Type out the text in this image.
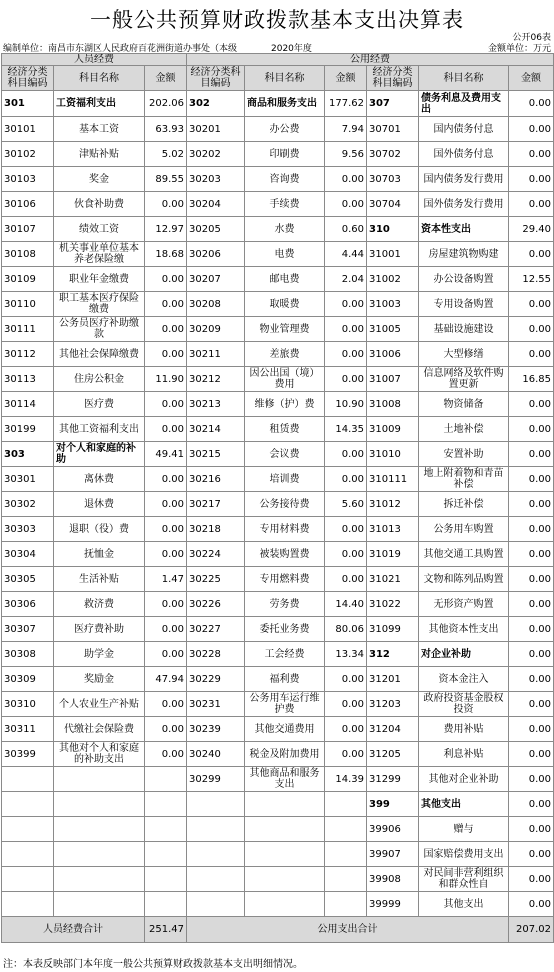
一般公共预算财政拨款基本支出决算表
公开06表
编制单位：南昌市东湖区人民政府百花洲街道办事处（本级	2020年度	金额单位：万元
人员经费			公用经费					
经济分类科目编码	科目名称	金额	经济分类科目编码	科目名称	金额	经济分类科目编码	科目名称	金额
301	工资福利支出	202.06	302	商品和服务支出	177.62	307	债务利息及费用支出	0.00
30101	基本工资	63.93	30201	办公费	7.94	30701	国内债务付息	0.00
30102	津贴补贴	5.02	30202	印刷费	9.56	30702	国外债务付息	0.00
30103	奖金	89.55	30203	咨询费	0.00	30703	国内债务发行费用	0.00
30106	伙食补助费	0.00	30204	手续费	0.00	30704	国外债务发行费用	0.00
30107	绩效工资	12.97	30205	水费	0.60	310	资本性支出	29.40
30108	机关事业单位基本养老保险缴	18.68	30206	电费	4.44	31001	房屋建筑物购建	0.00
30109	职业年金缴费	0.00	30207	邮电费	2.04	31002	办公设备购置	12.55
30110	职工基本医疗保险缴费	0.00	30208	取暖费	0.00	31003	专用设备购置	0.00
30111	公务员医疗补助缴款	0.00	30209	物业管理费	0.00	31005	基础设施建设	0.00
30112	其他社会保障缴费	0.00	30211	差旅费	0.00	31006	大型修缮	0.00
30113	住房公积金	11.90	30212	因公出国（境）费用	0.00	31007	信息网络及软件购置更新	16.85
30114	医疗费	0.00	30213	维修（护）费	10.90	31008	物资储备	0.00
30199	其他工资福利支出	0.00	30214	租赁费	14.35	31009	土地补偿	0.00
303	对个人和家庭的补助	49.41	30215	会议费	0.00	31010	安置补助	0.00
30301	离休费	0.00	30216	培训费	0.00	310111	地上附着物和青苗补偿	0.00
30302	退休费	0.00	30217	公务接待费	5.60	31012	拆迁补偿	0.00
30303	退职（役）费	0.00	30218	专用材料费	0.00	31013	公务用车购置	0.00
30304	抚恤金	0.00	30224	被装购置费	0.00	31019	其他交通工具购置	0.00
30305	生活补贴	1.47	30225	专用燃料费	0.00	31021	文物和陈列品购置	0.00
30306	救济费	0.00	30226	劳务费	14.40	31022	无形资产购置	0.00
30307	医疗费补助	0.00	30227	委托业务费	80.06	31099	其他资本性支出	0.00
30308	助学金	0.00	30228	工会经费	13.34	312	对企业补助	0.00
30309	奖励金	47.94	30229	福利费	0.00	31201	资本金注入	0.00
30310	个人农业生产补贴	0.00	30231	公务用车运行维护费	0.00	31203	政府投资基金股权投资	0.00
30311	代缴社会保险费	0.00	30239	其他交通费用	0.00	31204	费用补贴	0.00
30399	其他对个人和家庭的补助支出	0.00	30240	税金及附加费用	0.00	31205	利息补贴	0.00
			30299	其他商品和服务支出	14.39	31299	其他对企业补助	0.00
						399	其他支出	0.00
						39906	赠与	0.00
						39907	国家赔偿费用支出	0.00
						39908	对民间非营利组织和群众性自	0.00
						39999	其他支出	0.00
人员经费合计		251.47	公用支出合计					207.02
注：本表反映部门本年度一般公共预算财政拨款基本支出明细情况。
